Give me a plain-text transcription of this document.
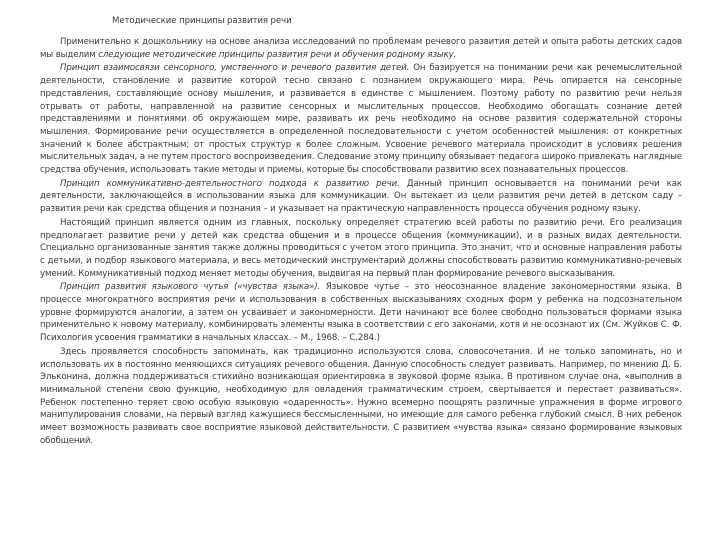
Методические принципы развития речи

Применительно к дошкольнику на основе анализа исследований по проблемам речевого развития детей и опыта работы детских садов мы выделим следующие методические принципы развития речи и обучения родному языку.

Принцип взаимосвязи сенсорного, умственного и речевого развития детей. Он базируется на понимании речи как речемыслительной деятельности, становление и развитие которой тесно связано с познанием окружающего мира. Речь опирается на сенсорные представления, составляющие основу мышления, и развивается в единстве с мышлением. Поэтому работу по развитию речи нельзя отрывать от работы, направленной на развитие сенсорных и мыслительных процессов. Необходимо обогащать сознание детей представлениями и понятиями об окружающем мире, развивать их речь необходимо на основе развития содержательной стороны мышления. Формирование речи осуществляется в определенной последовательности с учетом особенностей мышления: от конкретных значений к более абстрактным; от простых структур к более сложным. Усвоение речевого материала происходит в условиях решения мыслительных задач, а не путем простого воспроизведения. Следование этому принципу обязывает педагога широко привлекать наглядные средства обучения, использовать такие методы и приемы, которые бы способствовали развитию всех познавательных процессов.

Принцип коммуникативно-деятельностного подхода к развитию речи. Данный принцип основывается на понимании речи как деятельности, заключающейся в использовании языка для коммуникации. Он вытекает из цели развития речи детей в детском саду – развития речи как средства общения и познания – и указывает на практическую направленность процесса обучения родному языку.

Настоящий принцип является одним из главных, поскольку определяет стратегию всей работы по развитию речи. Его реализация предполагает развитие речи у детей как средства общения и в процессе общения (коммуникации), и в разных видах деятельности. Специально организованные занятия также должны проводиться с учетом этого принципа. Это значит, что и основные направления работы с детьми, и подбор языкового материала, и весь методический инструментарий должны способствовать развитию коммуникативно-речевых умений. Коммуникативный подход меняет методы обучения, выдвигая на первый план формирование речевого высказывания.

Принцип развития языкового чутья («чувства языка»). Языковое чутье – это неосознанное владение закономерностями языка. В процессе многократного восприятия речи и использования в собственных высказываниях сходных форм у ребенка на подсознательном уровне формируются аналогии, а затем он усваивает и закономерности. Дети начинают все более свободно пользоваться формами языка применительно к новому материалу, комбинировать элементы языка в соответствии с его законами, хотя и не осознают их (См. Жуйков С. Ф. Психология усвоения грамматики в начальных классах. – М., 1968. – С.284.)

Здесь проявляется способность запоминать, как традиционно используются слова, словосочетания. И не только запоминать, но и использовать их в постоянно меняющихся ситуациях речевого общения. Данную способность следует развивать. Например, по мнению Д. Б. Эльконина, должна поддерживаться стихийно возникающая ориентировка в звуковой форме языка. В противном случае она, «выполнив в минимальной степени свою функцию, необходимую для овладения грамматическим строем, свертывается и перестает развиваться». Ребенок постепенно теряет свою особую языковую «одаренность». Нужно всемерно поощрять различные упражнения в форме игрового манипулирования словами, на первый взгляд кажущиеся бессмысленными, но имеющие для самого ребенка глубокий смысл. В них ребенок имеет возможность развивать свое восприятие языковой действительности. С развитием «чувства языка» связано формирование языковых обобщений.
